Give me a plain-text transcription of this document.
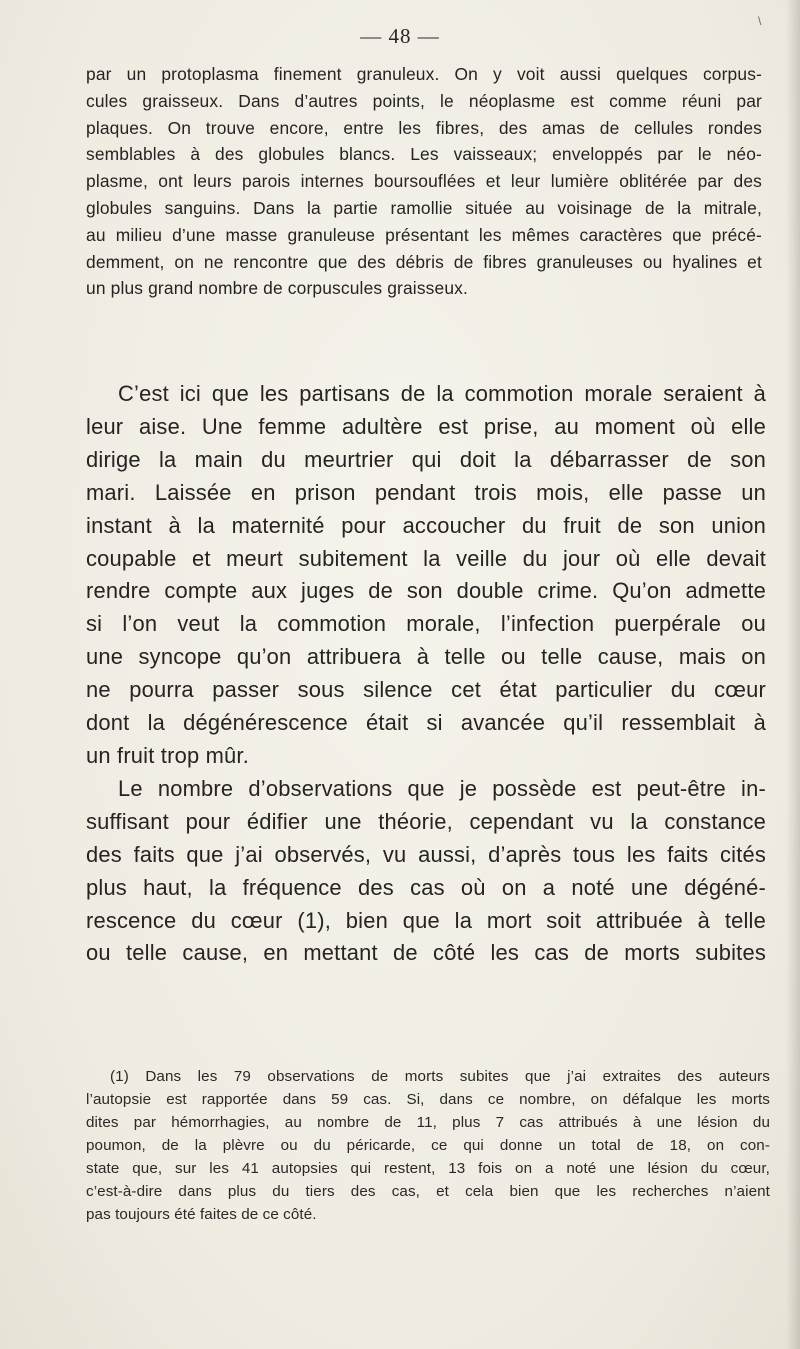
\
— 48 —
par un protoplasma finement granuleux. On y voit aussi quelques corpus-
cules graisseux. Dans d’autres points, le néoplasme est comme réuni par
plaques. On trouve encore, entre les fibres, des amas de cellules rondes
semblables à des globules blancs. Les vaisseaux; enveloppés par le néo-
plasme, ont leurs parois internes boursouflées et leur lumière oblitérée par des
globules sanguins. Dans la partie ramollie située au voisinage de la mitrale,
au milieu d’une masse granuleuse présentant les mêmes caractères que précé-
demment, on ne rencontre que des débris de fibres granuleuses ou hyalines et
un plus grand nombre de corpuscules graisseux.
C’est ici que les partisans de la commotion morale seraient à
leur aise. Une femme adultère est prise, au moment où elle
dirige la main du meurtrier qui doit la débarrasser de son
mari. Laissée en prison pendant trois mois, elle passe un
instant à la maternité pour accoucher du fruit de son union
coupable et meurt subitement la veille du jour où elle devait
rendre compte aux juges de son double crime. Qu’on admette
si l’on veut la commotion morale, l’infection puerpérale ou
une syncope qu’on attribuera à telle ou telle cause, mais on
ne pourra passer sous silence cet état particulier du cœur
dont la dégénérescence était si avancée qu’il ressemblait à
un fruit trop mûr.
Le nombre d’observations que je possède est peut-être in-
suffisant pour édifier une théorie, cependant vu la constance
des faits que j’ai observés, vu aussi, d’après tous les faits cités
plus haut, la fréquence des cas où on a noté une dégéné-
rescence du cœur (1), bien que la mort soit attribuée à telle
ou telle cause, en mettant de côté les cas de morts subites
(1) Dans les 79 observations de morts subites que j’ai extraites des auteurs
l’autopsie est rapportée dans 59 cas. Si, dans ce nombre, on défalque les morts
dites par hémorrhagies, au nombre de 11, plus 7 cas attribués à une lésion du
poumon, de la plèvre ou du péricarde, ce qui donne un total de 18, on con-
state que, sur les 41 autopsies qui restent, 13 fois on a noté une lésion du cœur,
c’est-à-dire dans plus du tiers des cas, et cela bien que les recherches n’aient
pas toujours été faites de ce côté.
